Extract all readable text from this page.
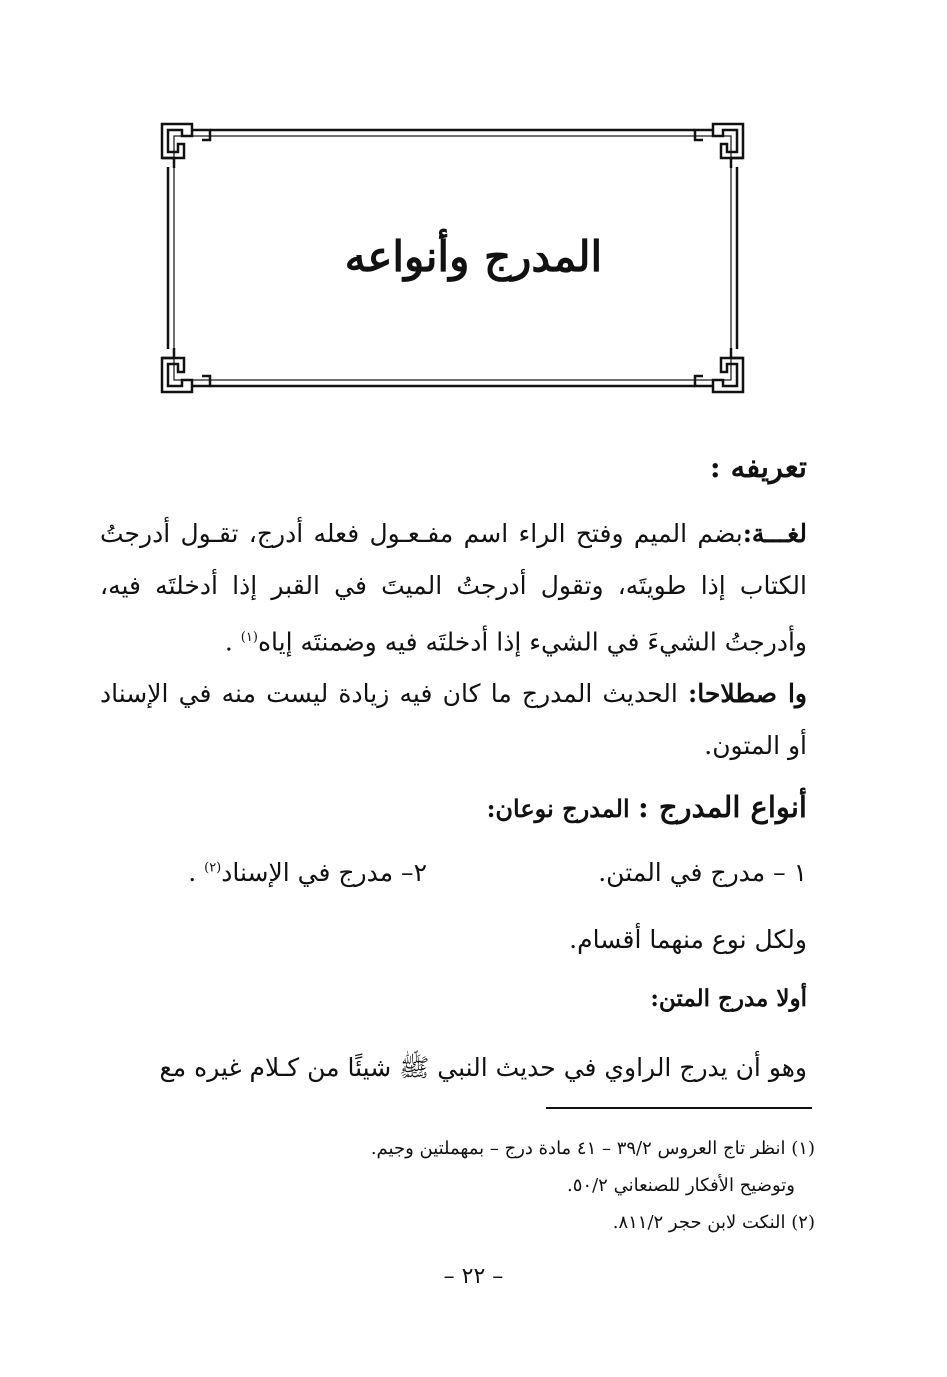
المدرج وأنواعه
تعريفه :
لغـــة:بضم الميم وفتح الراء اسم مفـعـول فعله أدرج، تقـول أدرجتُ الكتاب إذا طويتَه، وتقول أدرجتُ الميتَ في القبر إذا أدخلتَه فيه، وأدرجتُ الشيءَ في الشيء إذا أدخلتَه فيه وضمنتَه إياه$^{(١)}$ .
وا صطلاحا: الحديث المدرج ما كان فيه زيادة ليست منه في الإسناد أو المتون.
أنواع المدرج : المدرج نوعان:
١ – مدرج في المتن.
٢– مدرج في الإسناد$^{(٢)}$ .
ولكل نوع منهما أقسام.
أولا مدرج المتن:
وهو أن يدرج الراوي في حديث النبي ﷺ شيئًا من كـلام غيره مع
(١) انظر تاج العروس ٣٩/٢ – ٤١ مادة درج – بمهملتين وجيم.
وتوضيح الأفكار للصنعاني ٥٠/٢.
(٢) النكت لابن حجر ٨١١/٢.
– ٢٢ –
